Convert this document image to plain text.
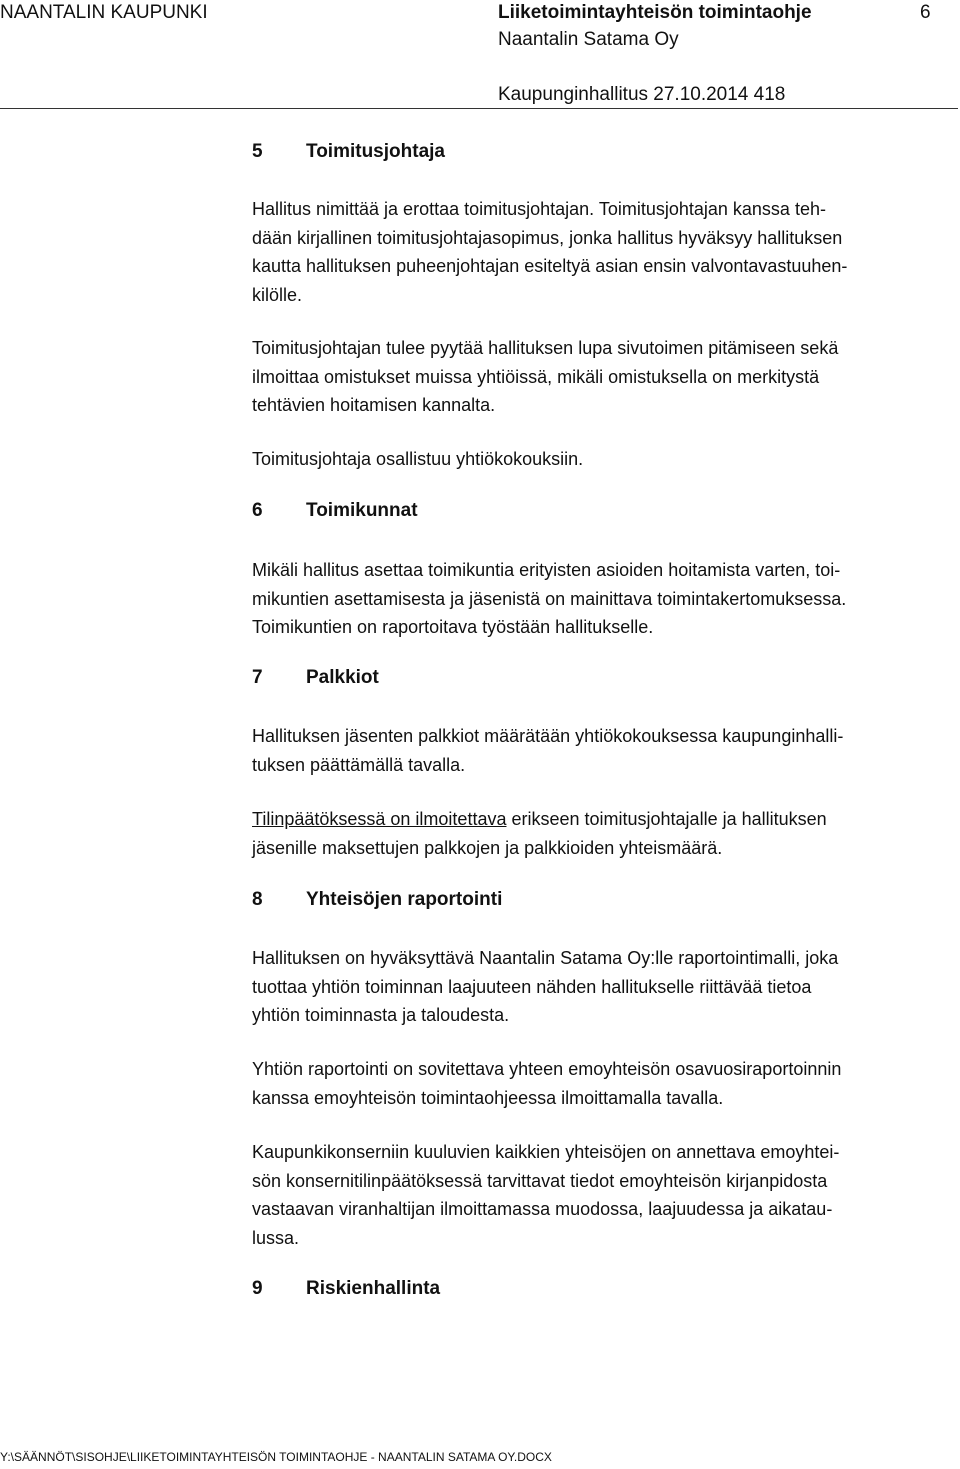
NAANTALIN KAUPUNKI	Liiketoimintayhteisön toimintaohje	6
Naantalin Satama Oy
Kaupunginhallitus 27.10.2014 418
5 Toimitusjohtaja
Hallitus nimittää ja erottaa toimitusjohtajan. Toimitusjohtajan kanssa teh-
dään kirjallinen toimitusjohtajasopimus, jonka hallitus hyväksyy hallituksen
kautta hallituksen puheenjohtajan esiteltyä asian ensin valvontavastuuhen-
kilölle.
Toimitusjohtajan tulee pyytää hallituksen lupa sivutoimen pitämiseen sekä
ilmoittaa omistukset muissa yhtiöissä, mikäli omistuksella on merkitystä
tehtävien hoitamisen kannalta.
Toimitusjohtaja osallistuu yhtiökokouksiin.
6 Toimikunnat
Mikäli hallitus asettaa toimikuntia erityisten asioiden hoitamista varten, toi-
mikuntien asettamisesta ja jäsenistä on mainittava toimintakertomuksessa.
Toimikuntien on raportoitava työstään hallitukselle.
7 Palkkiot
Hallituksen jäsenten palkkiot määrätään yhtiökokouksessa kaupunginhalli-
tuksen päättämällä tavalla.
Tilinpäätöksessä on ilmoitettava erikseen toimitusjohtajalle ja hallituksen
jäsenille maksettujen palkkojen ja palkkioiden yhteismäärä.
8 Yhteisöjen raportointi
Hallituksen on hyväksyttävä Naantalin Satama Oy:lle raportointimalli, joka
tuottaa yhtiön toiminnan laajuuteen nähden hallitukselle riittävää tietoa
yhtiön toiminnasta ja taloudesta.
Yhtiön raportointi on sovitettava yhteen emoyhteisön osavuosiraportoinnin
kanssa emoyhteisön toimintaohjeessa ilmoittamalla tavalla.
Kaupunkikonserniin kuuluvien kaikkien yhteisöjen on annettava emoyhtei-
sön konsernitilinpäätöksessä tarvittavat tiedot emoyhteisön kirjanpidosta
vastaavan viranhaltijan ilmoittamassa muodossa, laajuudessa ja aikatau-
lussa.
9 Riskienhallinta
Y:\SÄÄNNÖT\SISOHJE\LIIKETOIMINTAYHTEISÖN TOIMINTAOHJE - NAANTALIN SATAMA OY.DOCX
